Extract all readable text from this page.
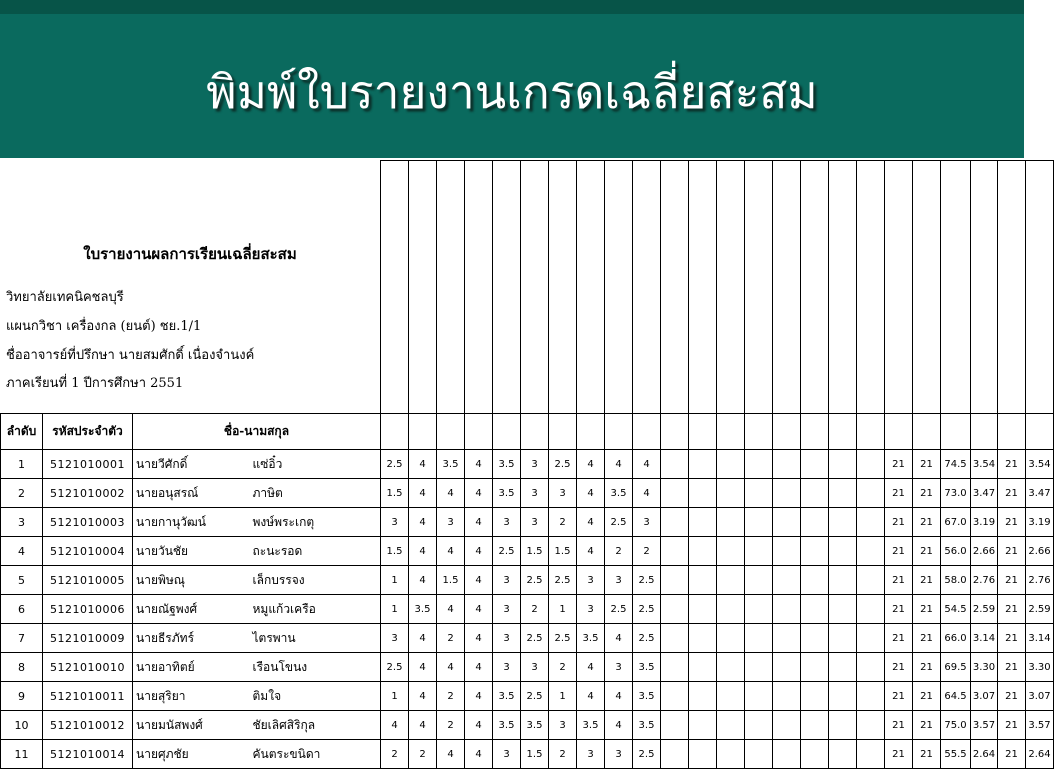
พิมพ์ใบรายงานเกรดเฉลี่ยสะสม

ลำดับ	รหัสประจำตัว	ชื่อ-นามสกุล																									
1	5121010001	นายวีศักดิ์	แซ่อิ๋ว	2.5	4	3.5	4	3.5	3	2.5	4	4	4									21	21	74.5	3.54	21	3.54
2	5121010002	นายอนุสรณ์	ภาษิต	1.5	4	4	4	3.5	3	3	4	3.5	4									21	21	73.0	3.47	21	3.47
3	5121010003	นายกานุวัฒน์	พงษ์พระเกตุ	3	4	3	4	3	3	2	4	2.5	3									21	21	67.0	3.19	21	3.19
4	5121010004	นายวันชัย	ถะนะรอด	1.5	4	4	4	2.5	1.5	1.5	4	2	2									21	21	56.0	2.66	21	2.66
5	5121010005	นายพิษณุ	เล็กบรรจง	1	4	1.5	4	3	2.5	2.5	3	3	2.5									21	21	58.0	2.76	21	2.76
6	5121010006	นายณัฐพงศ์	หมูแก้วเครือ	1	3.5	4	4	3	2	1	3	2.5	2.5									21	21	54.5	2.59	21	2.59
7	5121010009	นายธีรภัทร์	ไตรพาน	3	4	2	4	3	2.5	2.5	3.5	4	2.5									21	21	66.0	3.14	21	3.14
8	5121010010	นายอาทิตย์	เรือนโขนง	2.5	4	4	4	3	3	2	4	3	3.5									21	21	69.5	3.30	21	3.30
9	5121010011	นายสุริยา	ติมใจ	1	4	2	4	3.5	2.5	1	4	4	3.5									21	21	64.5	3.07	21	3.07
10	5121010012	นายมนัสพงศ์	ชัยเลิศสิริกุล	4	4	2	4	3.5	3.5	3	3.5	4	3.5									21	21	75.0	3.57	21	3.57
11	5121010014	นายศุภชัย	คันตระขนิดา	2	2	4	4	3	1.5	2	3	3	2.5									21	21	55.5	2.64	21	2.64
ใบรายงานผลการเรียนเฉลี่ยสะสม
วิทยาลัยเทคนิคชลบุรี
แผนกวิชา เครื่องกล (ยนต์) ชย.1/1
ชื่ออาจารย์ที่ปรึกษา นายสมศักดิ์ เนื่องจำนงค์
ภาคเรียนที่ 1 ปีการศึกษา 2551
